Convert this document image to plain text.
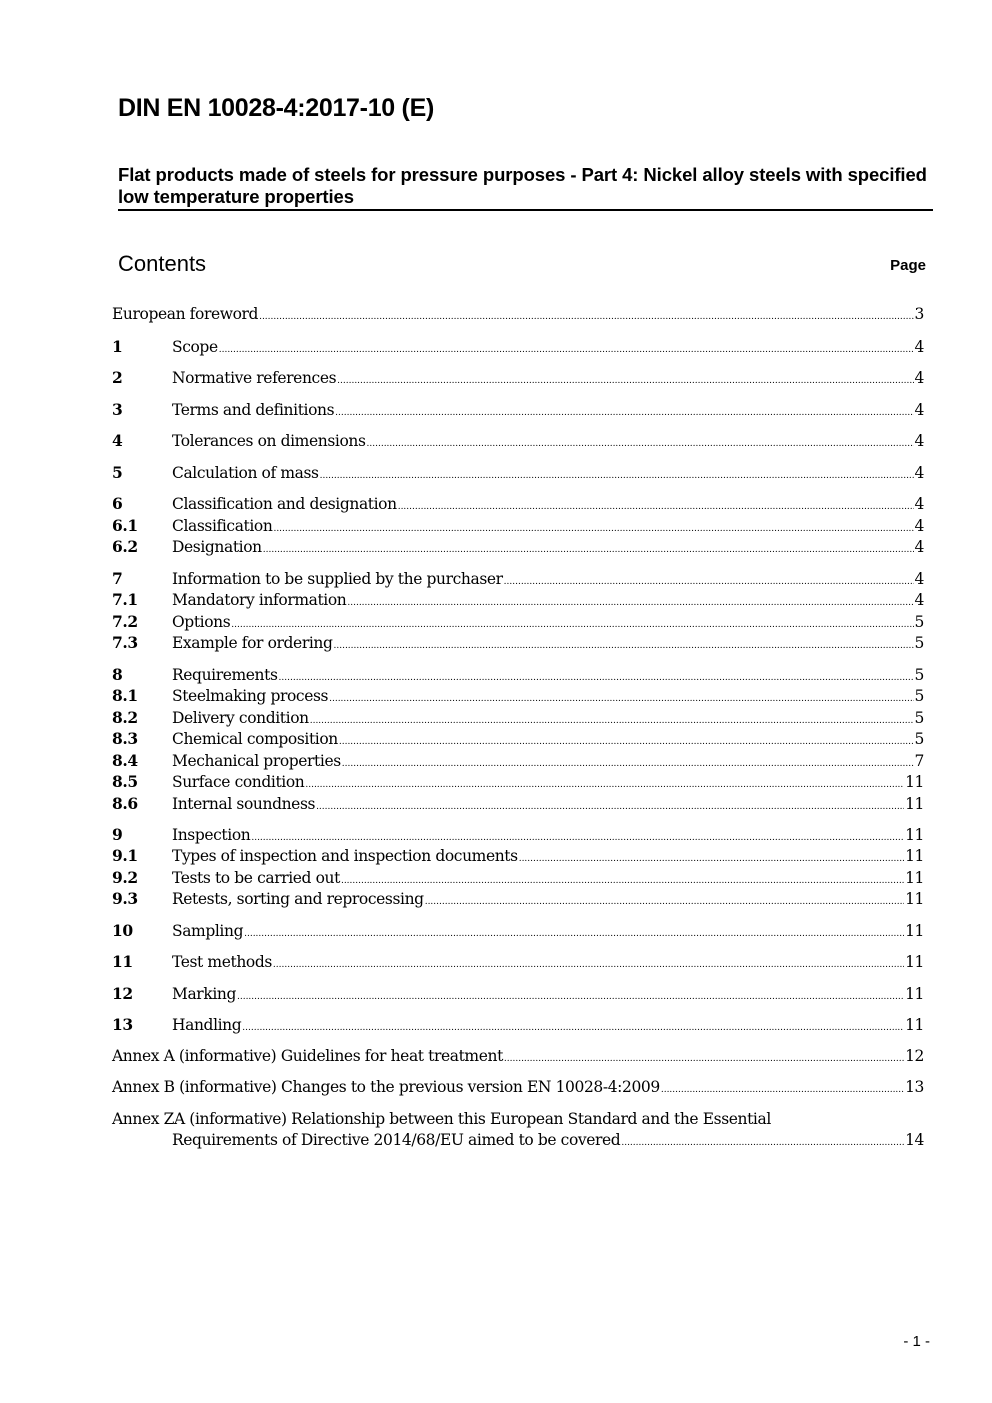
DIN EN 10028-4:2017-10 (E)
Flat products made of steels for pressure purposes - Part 4: Nickel alloy steels with specified low temperature properties
Contents	Page
European foreword .....	3
1	Scope .....	4
2	Normative references .....	4
3	Terms and definitions .....	4
4	Tolerances on dimensions .....	4
5	Calculation of mass .....	4
6	Classification and designation .....	4
6.1	Classification .....	4
6.2	Designation .....	4
7	Information to be supplied by the purchaser .....	4
7.1	Mandatory information .....	4
7.2	Options .....	5
7.3	Example for ordering .....	5
8	Requirements .....	5
8.1	Steelmaking process .....	5
8.2	Delivery condition .....	5
8.3	Chemical composition .....	5
8.4	Mechanical properties .....	7
8.5	Surface condition .....	11
8.6	Internal soundness .....	11
9	Inspection .....	11
9.1	Types of inspection and inspection documents .....	11
9.2	Tests to be carried out .....	11
9.3	Retests, sorting and reprocessing .....	11
10	Sampling .....	11
11	Test methods .....	11
12	Marking .....	11
13	Handling .....	11
Annex A (informative) Guidelines for heat treatment .....	12
Annex B (informative) Changes to the previous version EN 10028-4:2009 .....	13
Annex ZA (informative) Relationship between this European Standard and the Essential
Requirements of Directive 2014/68/EU aimed to be covered .....	14
- 1 -
